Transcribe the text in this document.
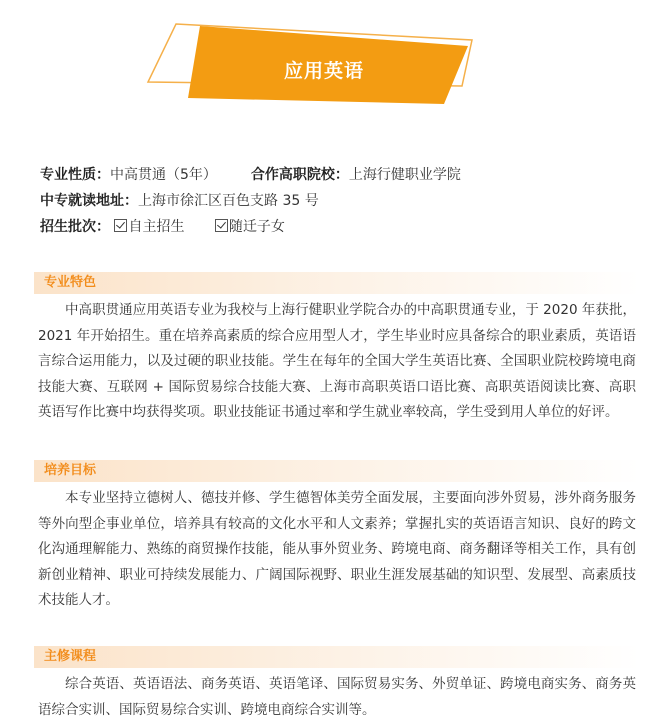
应用英语
专业性质：中高贯通（5年） 合作高职院校：上海行健职业学院
中专就读地址：上海市徐汇区百色支路 35 号
招生批次： 自主招生	随迁子女
专业特色
中高职贯通应用英语专业为我校与上海行健职业学院合办的中高职贯通专业，于 2020 年获批，2021 年开始招生。重在培养高素质的综合应用型人才，学生毕业时应具备综合的职业素质，英语语言综合运用能力，以及过硬的职业技能。学生在每年的全国大学生英语比赛、全国职业院校跨境电商技能大赛、互联网 + 国际贸易综合技能大赛、上海市高职英语口语比赛、高职英语阅读比赛、高职英语写作比赛中均获得奖项。职业技能证书通过率和学生就业率较高，学生受到用人单位的好评。
培养目标
本专业坚持立德树人、德技并修、学生德智体美劳全面发展，主要面向涉外贸易，涉外商务服务等外向型企事业单位，培养具有较高的文化水平和人文素养；掌握扎实的英语语言知识、良好的跨文化沟通理解能力、熟练的商贸操作技能，能从事外贸业务、跨境电商、商务翻译等相关工作，具有创新创业精神、职业可持续发展能力、广阔国际视野、职业生涯发展基础的知识型、发展型、高素质技术技能人才。
主修课程
综合英语、英语语法、商务英语、英语笔译、国际贸易实务、外贸单证、跨境电商实务、商务英语综合实训、国际贸易综合实训、跨境电商综合实训等。
